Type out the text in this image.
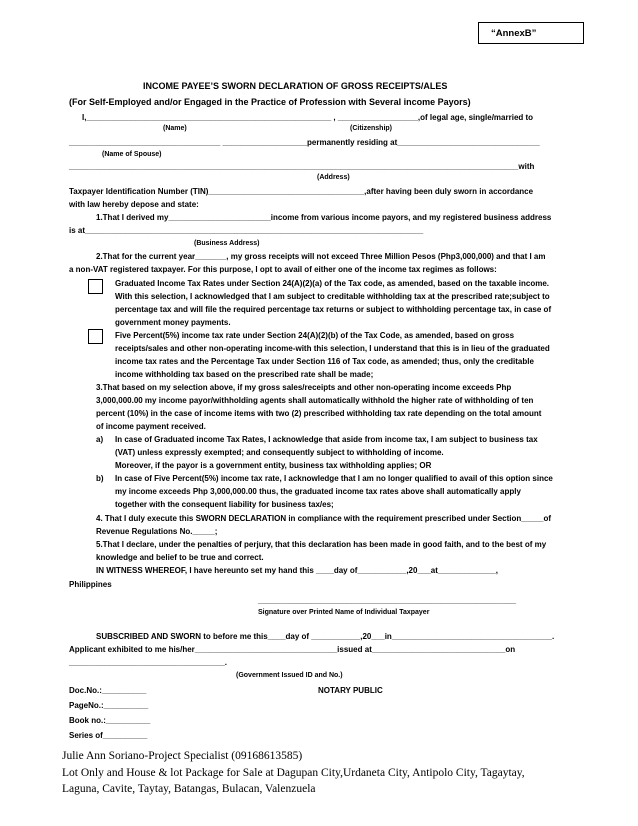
“AnnexB”
INCOME PAYEE’S SWORN DECLARATION OF GROSS RECEIPTS/ALES
(For Self-Employed and/or Engaged in the Practice of Profession with Several income Payors)
I,_______________________________________________________ , __________________,of legal age, single/married to
(Name)	(Citizenship)
__________________________________ ___________________permanently residing at________________________________
(Name of Spouse)
_____________________________________________________________________________________________________with
(Address)
Taxpayer Identification Number (TIN)___________________________________,after having been duly sworn in accordance
with law hereby depose and state:
1.That I derived my_______________________income from various income payors, and my registered business address
is at____________________________________________________________________________
(Business Address)
2.That for the current year_______, my gross receipts will not exceed Three Million Pesos (Php3,000,000) and that I am
a non-VAT registered taxpayer. For this purpose, I opt to avail of either one of the income tax regimes as follows:
Graduated Income Tax Rates under Section 24(A)(2)(a) of the Tax code, as amended, based on the taxable income.
With this selection, I acknowledged that I am subject to creditable withholding tax at the prescribed rate;subject to
percentage tax and will file the required percentage tax returns or subject to withholding percentage tax, in case of
government money payments.
Five Percent(5%) income tax rate under Section 24(A)(2)(b) of the Tax Code, as amended, based on gross
receipts/sales and other non-operating income-with this selection, I understand that this is in lieu of the graduated
income tax rates and the Percentage Tax under Section 116 of Tax code, as amended; thus, only the creditable
income withholding tax based on the prescribed rate shall be made;
3.That based on my selection above, if my gross sales/receipts and other non-operating income exceeds Php
3,000,000.00 my income payor/withholding agents shall automatically withhold the higher rate of withholding of ten
percent (10%) in the case of income items with two (2) prescribed withholding tax rate depending on the total amount
of income payment received.
a) In case of Graduated income Tax Rates, I acknowledge that aside from income tax, I am subject to business tax
(VAT) unless expressly exempted; and consequently subject to withholding of income.
Moreover, if the payor is a government entity, business tax withholding applies; OR
b) In case of Five Percent(5%) income tax rate, I acknowledge that I am no longer qualified to avail of this option since
my income exceeds Php 3,000,000.00 thus, the graduated income tax rates above shall automatically apply
together with the consequent liability for business tax/es;
4. That I duly execute this SWORN DECLARATION in compliance with the requirement prescribed under Section_____of
Revenue Regulations No._____;
5.That I declare, under the penalties of perjury, that this declaration has been made in good faith, and to the best of my
knowledge and belief to be true and correct.
IN WITNESS WHEREOF, I have hereunto set my hand this ____day of___________,20___at_____________,
Philippines
__________________________________________________________
Signature over Printed Name of Individual Taxpayer
SUBSCRIBED AND SWORN to before me this____day of ___________,20___in____________________________________.
Applicant exhibited to me his/her________________________________issued at______________________________on
___________________________________.
(Government Issued ID and No.)
Doc.No.:__________	NOTARY PUBLIC
PageNo.:__________
Book no.:__________
Series of__________
Julie Ann Soriano-Project Specialist (09168613585)
Lot Only and House & lot Package for Sale at Dagupan City,Urdaneta City, Antipolo City, Tagaytay,
Laguna, Cavite, Taytay, Batangas, Bulacan, Valenzuela
